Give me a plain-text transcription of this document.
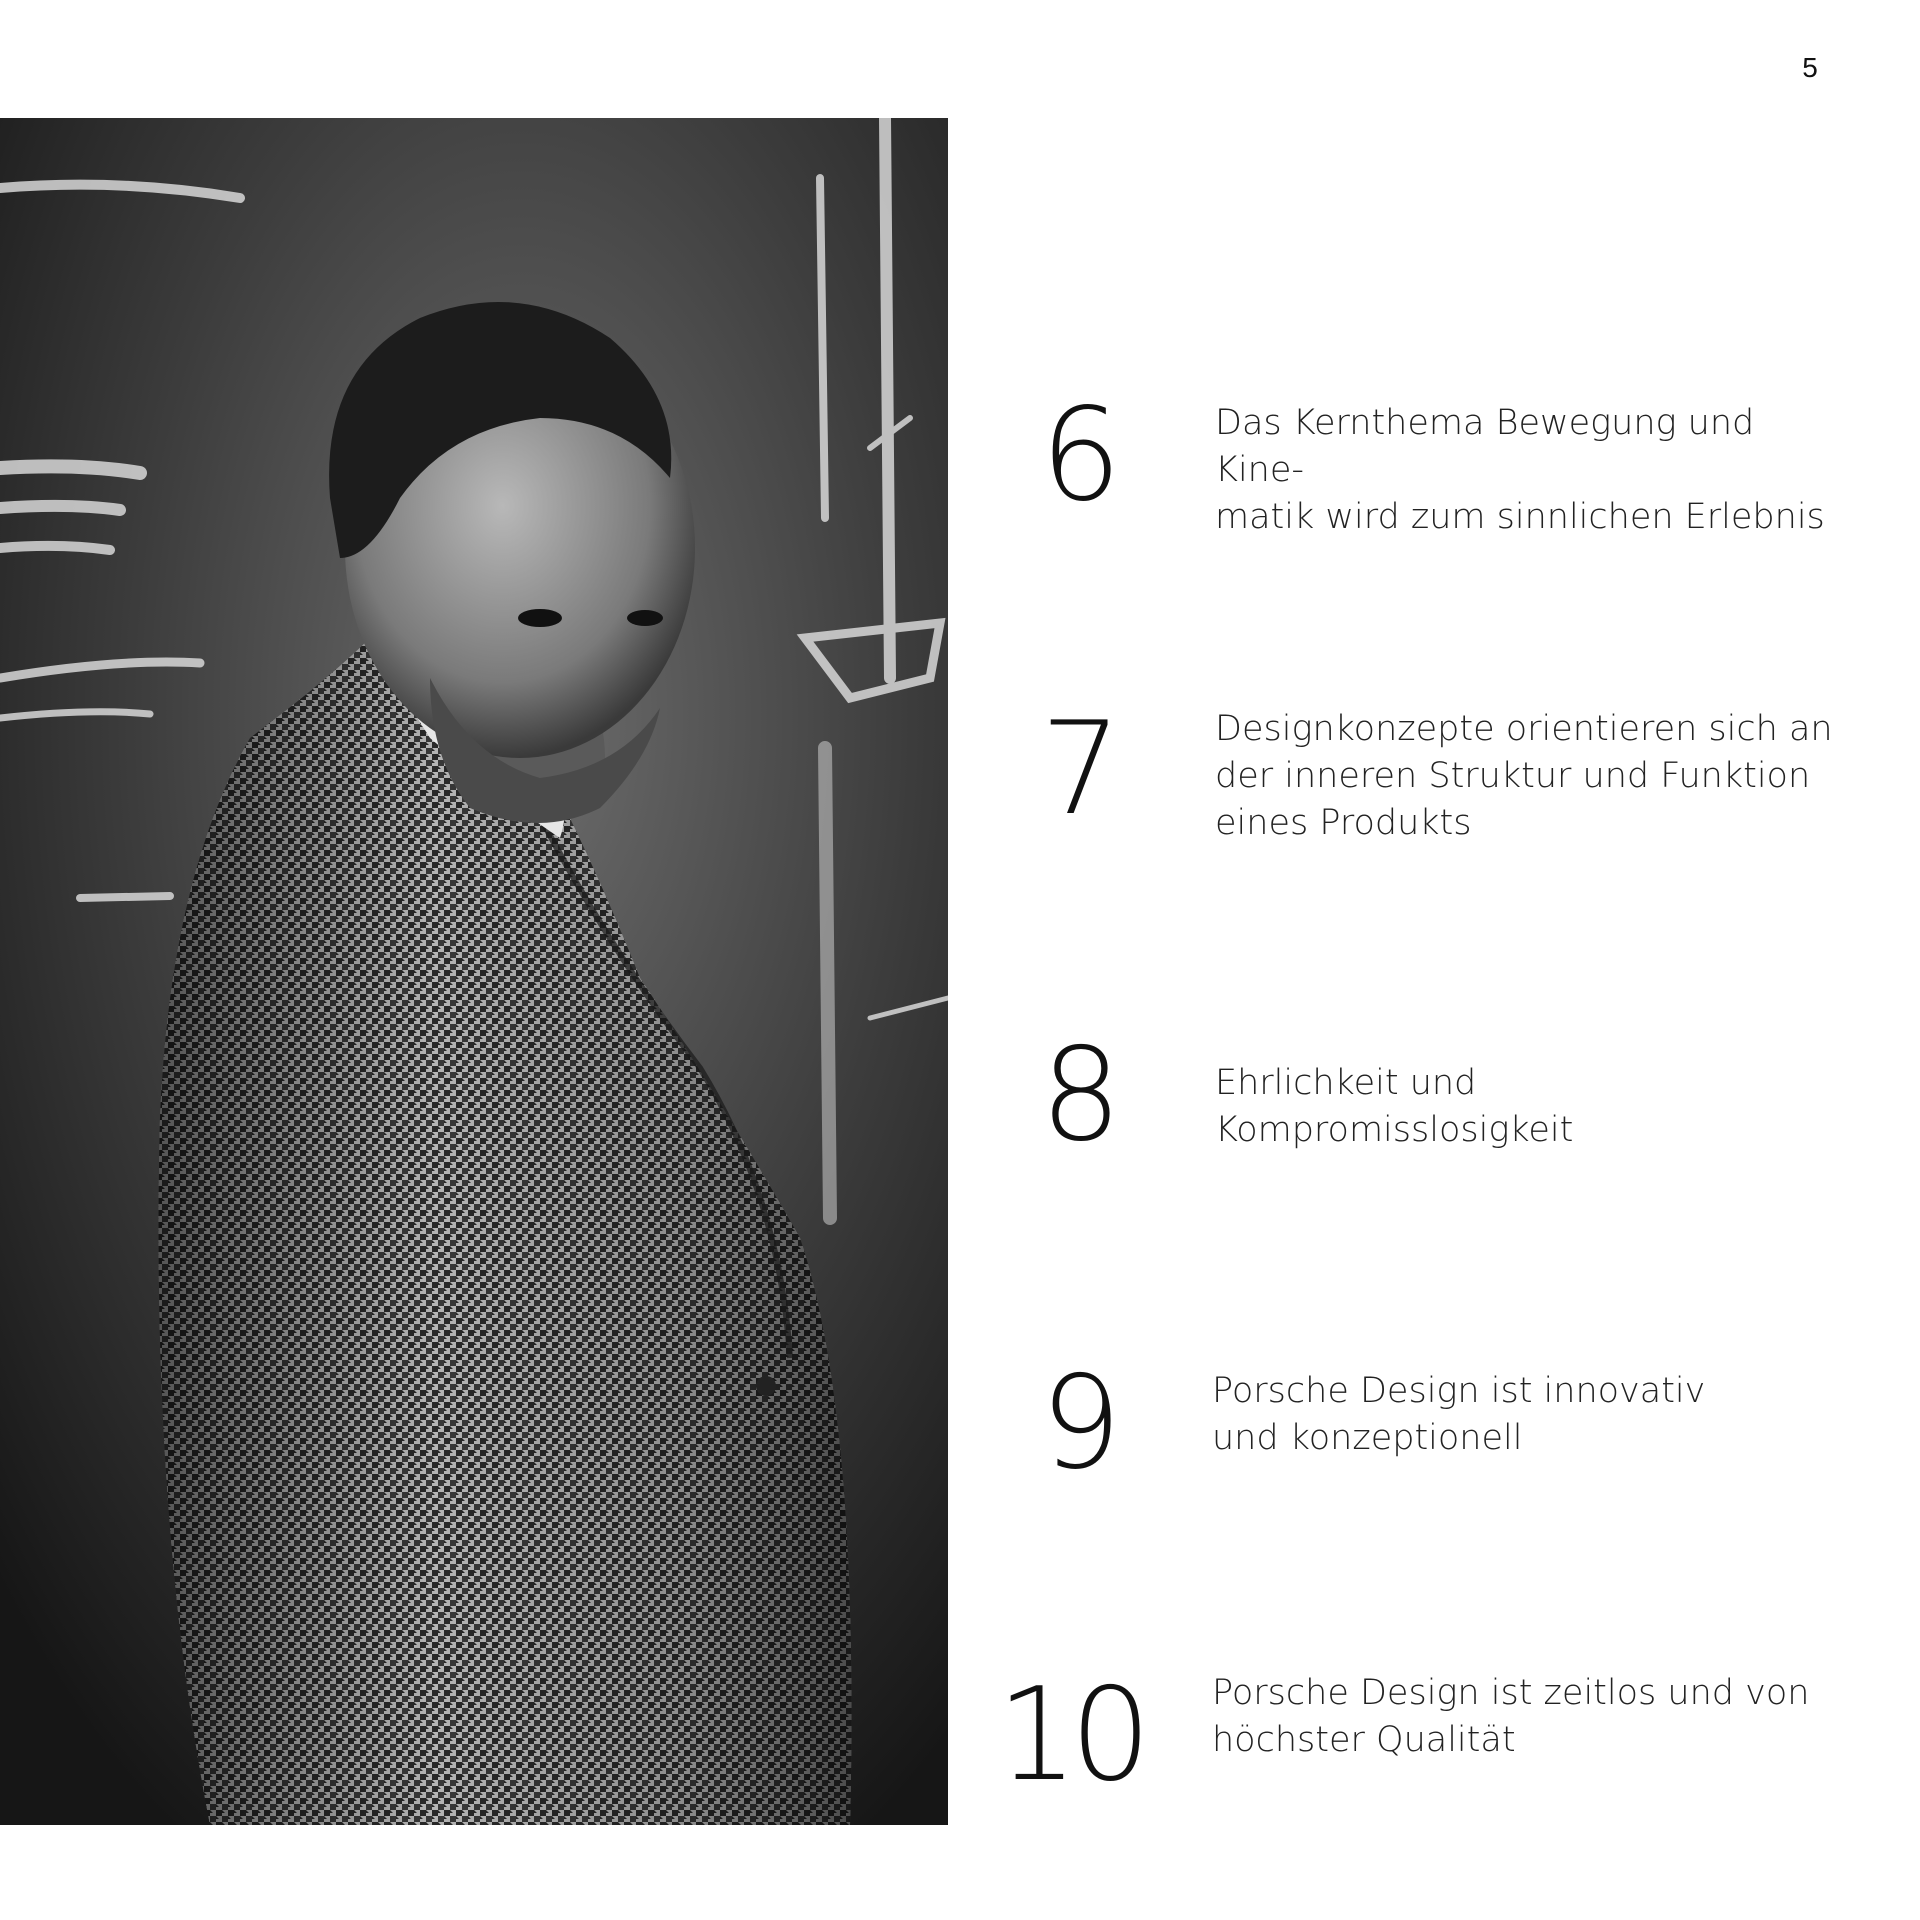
5
6	Das Kernthema Bewegung und Kine-
matik wird zum sinnlichen Erlebnis
7	Designkonzepte orientieren sich an
der inneren Struktur und Funktion
eines Produkts
8	Ehrlichkeit und Kompromisslosigkeit
9	Porsche Design ist innovativ
und konzeptionell
10	Porsche Design ist zeitlos und von
höchster Qualität
